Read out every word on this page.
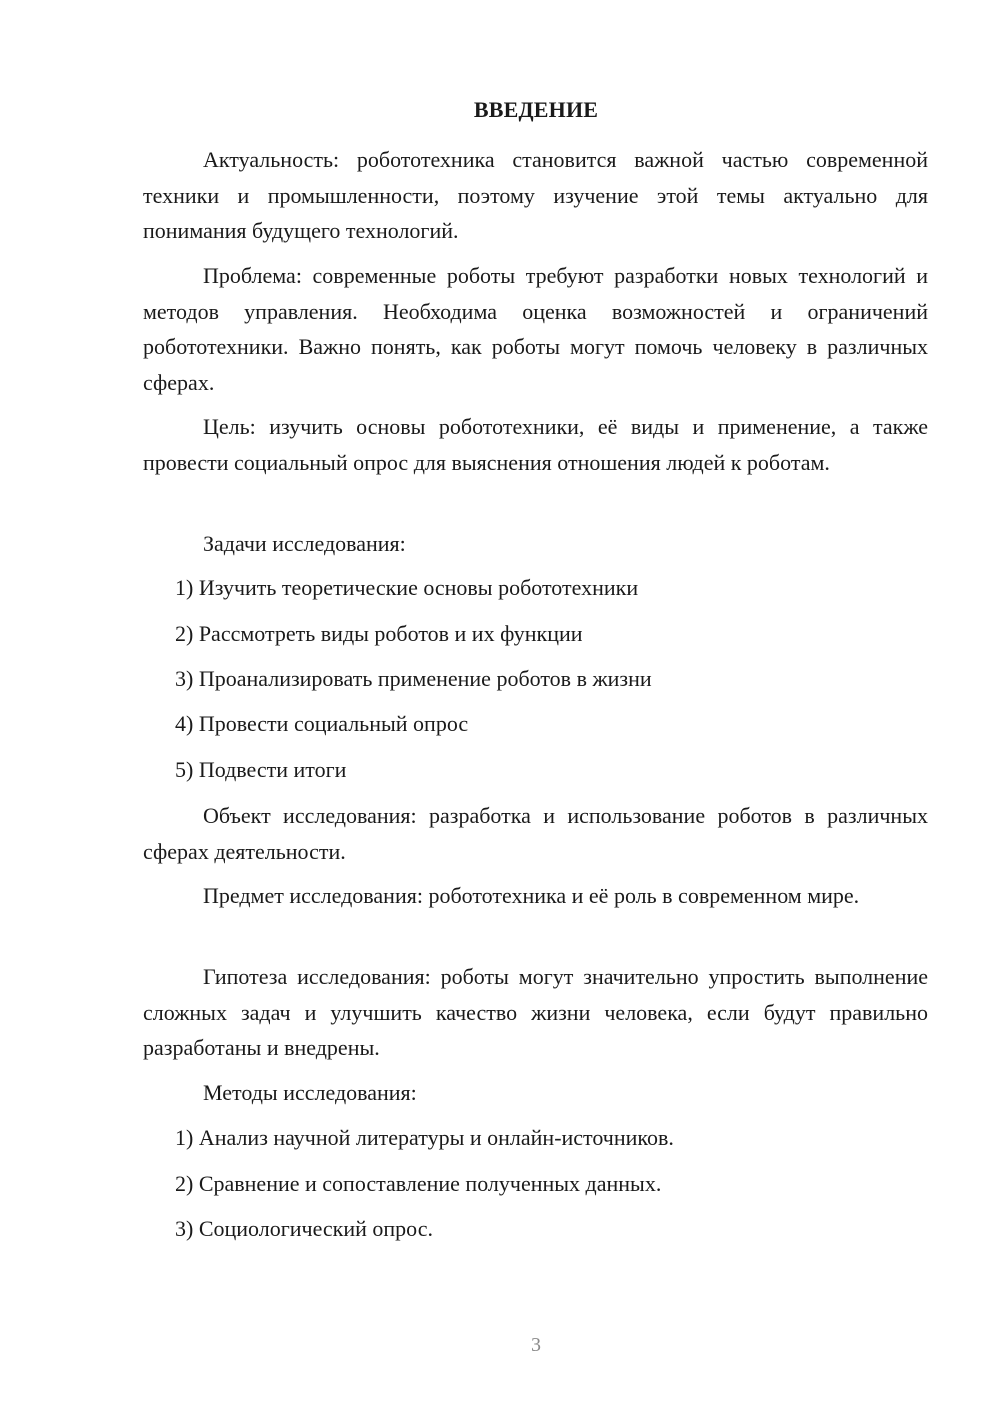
ВВЕДЕНИЕ

Актуальность: робототехника становится важной частью современной техники и промышленности, поэтому изучение этой темы актуально для понимания будущего технологий.

Проблема: современные роботы требуют разработки новых технологий и методов управления. Необходима оценка возможностей и ограничений робототехники. Важно понять, как роботы могут помочь человеку в различных сферах.

Цель: изучить основы робототехники, её виды и применение, а также провести социальный опрос для выяснения отношения людей к роботам.

Задачи исследования:

1) Изучить теоретические основы робототехники

2) Рассмотреть виды роботов и их функции

3) Проанализировать применение роботов в жизни

4) Провести социальный опрос

5) Подвести итоги

Объект исследования: разработка и использование роботов в различных сферах деятельности.

Предмет исследования: робототехника и её роль в современном мире.

Гипотеза исследования: роботы могут значительно упростить выполнение сложных задач и улучшить качество жизни человека, если будут правильно разработаны и внедрены.

Методы исследования:

1) Анализ научной литературы и онлайн-источников.

2) Сравнение и сопоставление полученных данных.

3) Социологический опрос.

3
